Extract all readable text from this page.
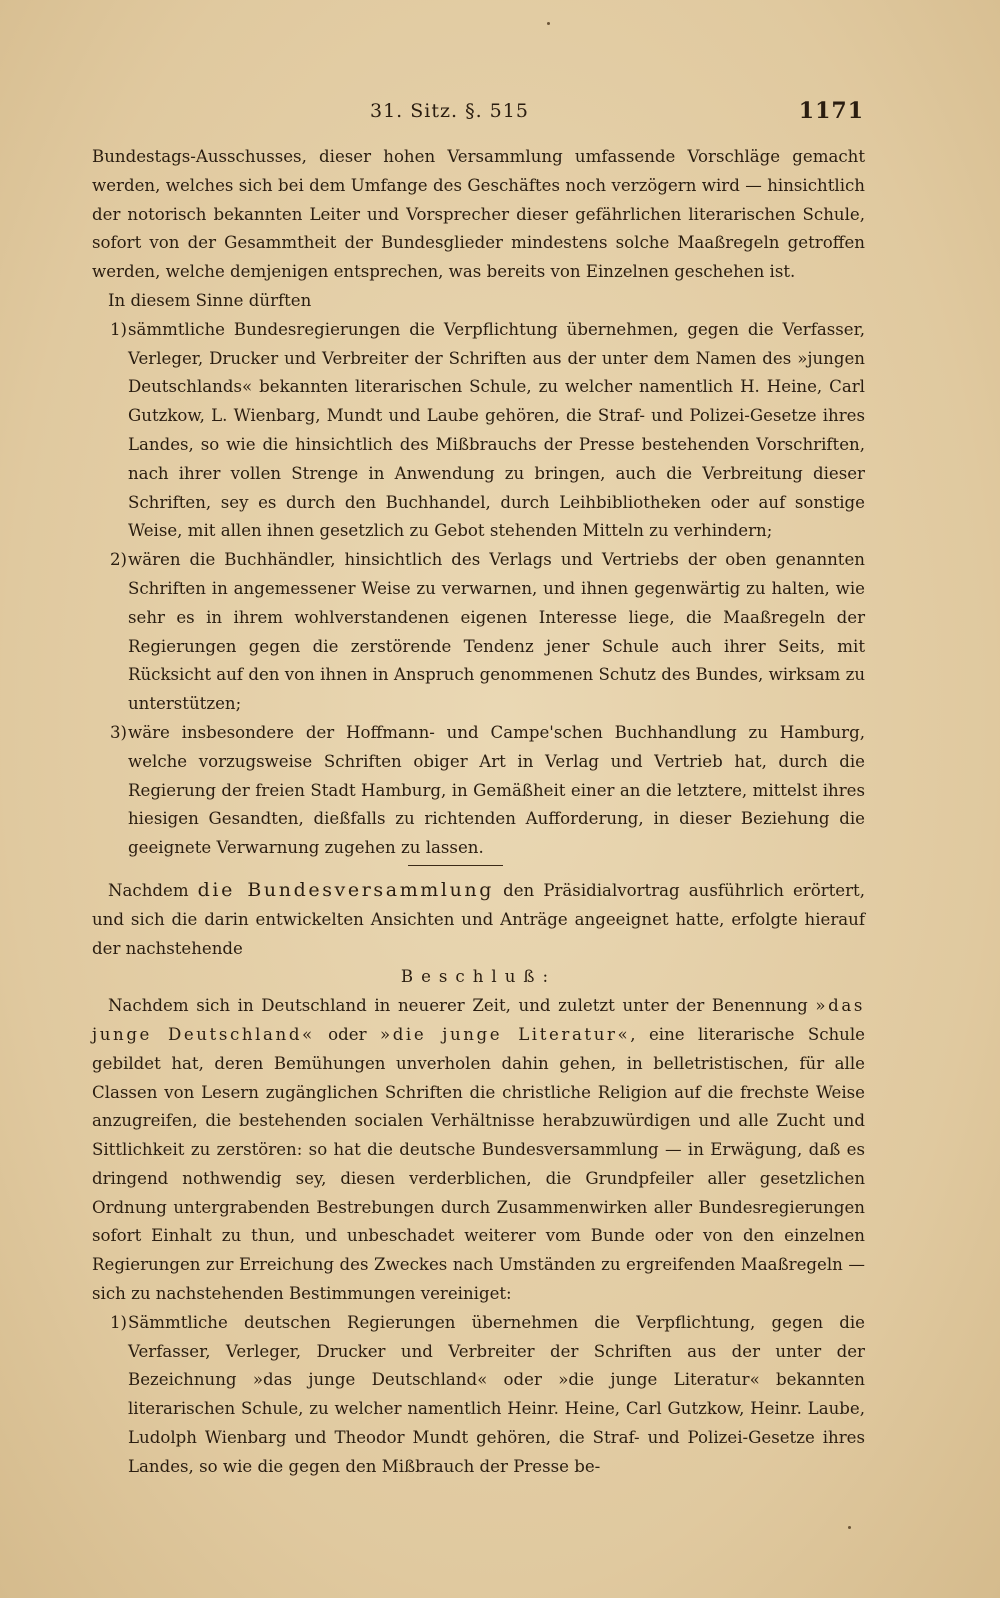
31. Sitz. §. 515	1171

Bundestags-Ausschusses, dieser hohen Versammlung umfassende Vorschläge gemacht werden, welches sich bei dem Umfange des Geschäftes noch verzögern wird — hinsichtlich der notorisch bekannten Leiter und Vorsprecher dieser gefährlichen literarischen Schule, sofort von der Gesammtheit der Bundesglieder mindestens solche Maaßregeln getroffen werden, welche demjenigen entsprechen, was bereits von Einzelnen geschehen ist.

In diesem Sinne dürften

1) sämmtliche Bundesregierungen die Verpflichtung übernehmen, gegen die Verfasser, Verleger, Drucker und Verbreiter der Schriften aus der unter dem Namen des »jungen Deutschlands« bekannten literarischen Schule, zu welcher namentlich H. Heine, Carl Gutzkow, L. Wienbarg, Mundt und Laube gehören, die Straf- und Polizei-Gesetze ihres Landes, so wie die hinsichtlich des Mißbrauchs der Presse bestehenden Vorschriften, nach ihrer vollen Strenge in Anwendung zu bringen, auch die Verbreitung dieser Schriften, sey es durch den Buchhandel, durch Leihbibliotheken oder auf sonstige Weise, mit allen ihnen gesetzlich zu Gebot stehenden Mitteln zu verhindern;

2) wären die Buchhändler, hinsichtlich des Verlags und Vertriebs der oben genannten Schriften in angemessener Weise zu verwarnen, und ihnen gegenwärtig zu halten, wie sehr es in ihrem wohlverstandenen eigenen Interesse liege, die Maaßregeln der Regierungen gegen die zerstörende Tendenz jener Schule auch ihrer Seits, mit Rücksicht auf den von ihnen in Anspruch genommenen Schutz des Bundes, wirksam zu unterstützen;

3) wäre insbesondere der Hoffmann- und Campe'schen Buchhandlung zu Hamburg, welche vorzugsweise Schriften obiger Art in Verlag und Vertrieb hat, durch die Regierung der freien Stadt Hamburg, in Gemäßheit einer an die letztere, mittelst ihres hiesigen Gesandten, dießfalls zu richtenden Aufforderung, in dieser Beziehung die geeignete Verwarnung zugehen zu lassen.

Nachdem die Bundesversammlung den Präsidialvortrag ausführlich erörtert, und sich die darin entwickelten Ansichten und Anträge angeeignet hatte, erfolgte hierauf der nachstehende

Beschluß:

Nachdem sich in Deutschland in neuerer Zeit, und zuletzt unter der Benennung »das junge Deutschland« oder »die junge Literatur«, eine literarische Schule gebildet hat, deren Bemühungen unverholen dahin gehen, in belletristischen, für alle Classen von Lesern zugänglichen Schriften die christliche Religion auf die frechste Weise anzugreifen, die bestehenden socialen Verhältnisse herabzuwürdigen und alle Zucht und Sittlichkeit zu zerstören: so hat die deutsche Bundesversammlung — in Erwägung, daß es dringend nothwendig sey, diesen verderblichen, die Grundpfeiler aller gesetzlichen Ordnung untergrabenden Bestrebungen durch Zusammenwirken aller Bundesregierungen sofort Einhalt zu thun, und unbeschadet weiterer vom Bunde oder von den einzelnen Regierungen zur Erreichung des Zweckes nach Umständen zu ergreifenden Maaßregeln — sich zu nachstehenden Bestimmungen vereiniget:

1) Sämmtliche deutschen Regierungen übernehmen die Verpflichtung, gegen die Verfasser, Verleger, Drucker und Verbreiter der Schriften aus der unter der Bezeichnung »das junge Deutschland« oder »die junge Literatur« bekannten literarischen Schule, zu welcher namentlich Heinr. Heine, Carl Gutzkow, Heinr. Laube, Ludolph Wienbarg und Theodor Mundt gehören, die Straf- und Polizei-Gesetze ihres Landes, so wie die gegen den Mißbrauch der Presse be-
